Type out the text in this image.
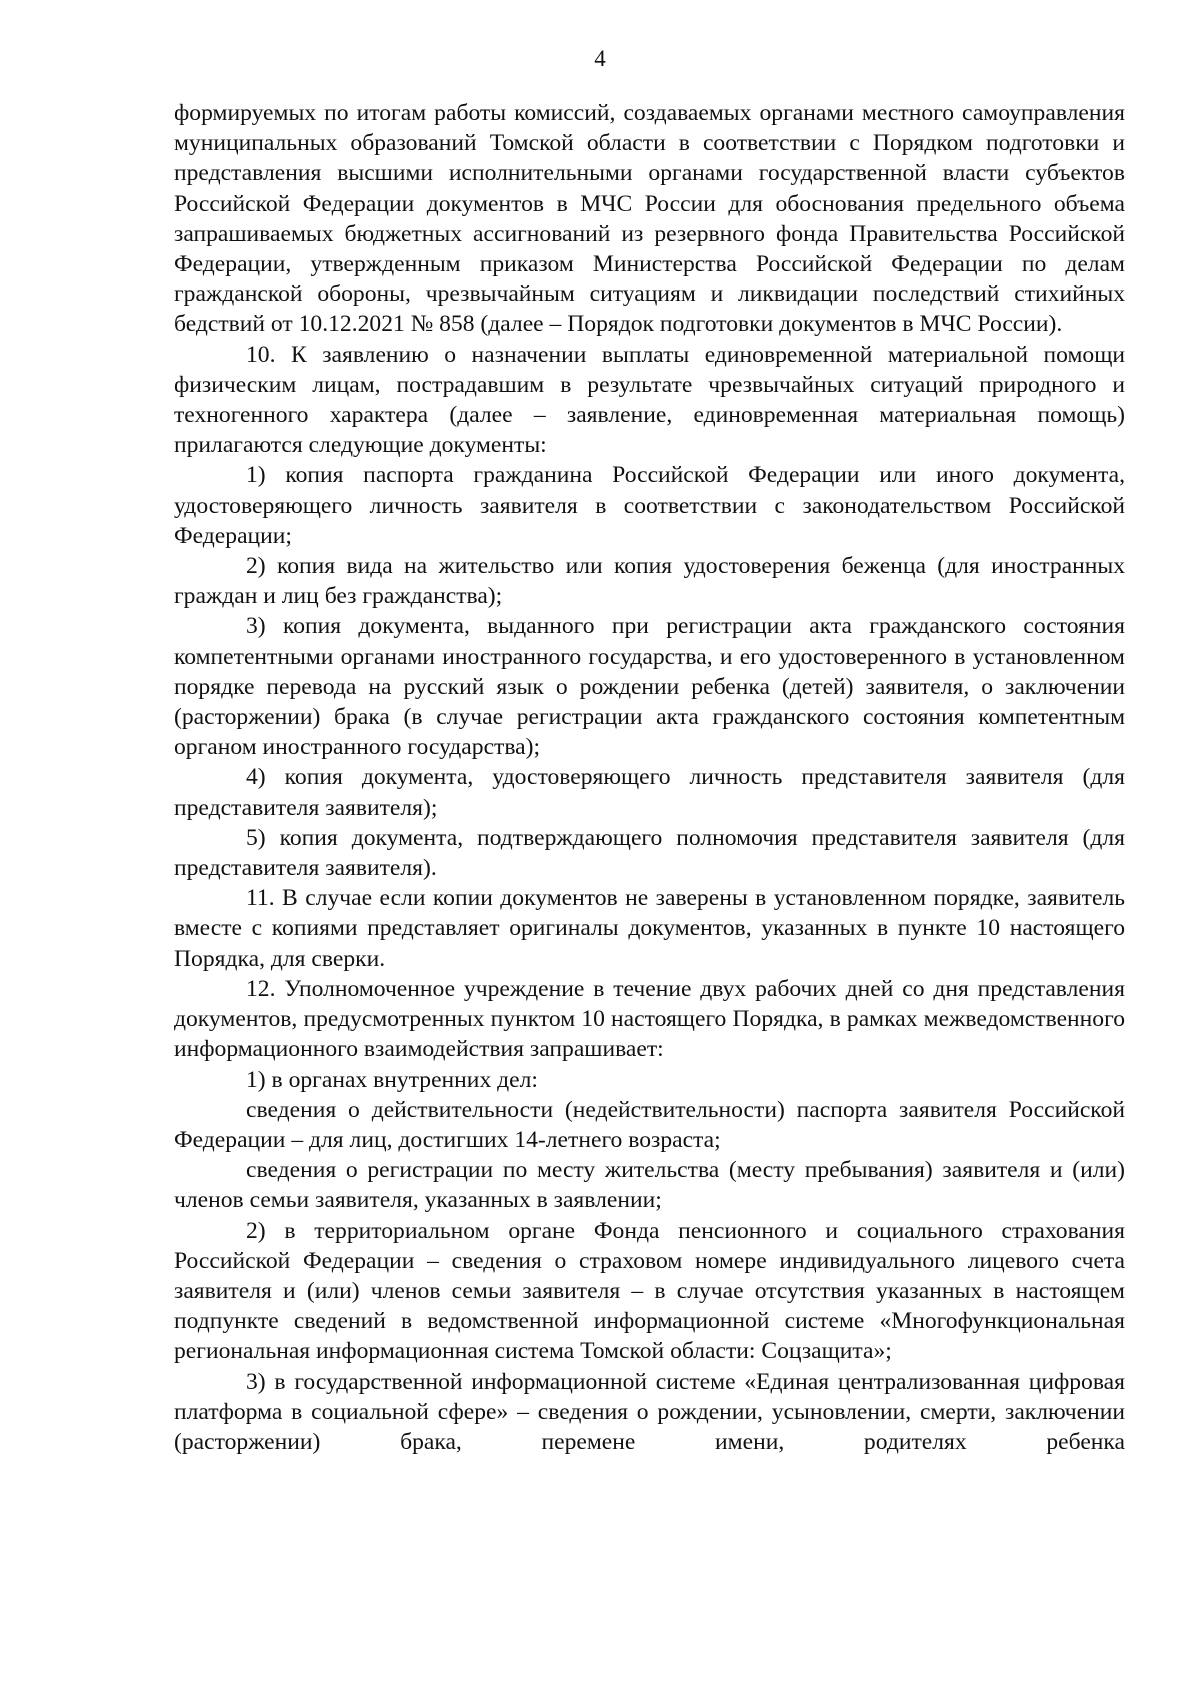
4

формируемых по итогам работы комиссий, создаваемых органами местного самоуправления муниципальных образований Томской области в соответствии с Порядком подготовки и представления высшими исполнительными органами государственной власти субъектов Российской Федерации документов в МЧС России для обоснования предельного объема запрашиваемых бюджетных ассигнований из резервного фонда Правительства Российской Федерации, утвержденным приказом Министерства Российской Федерации по делам гражданской обороны, чрезвычайным ситуациям и ликвидации последствий стихийных бедствий от 10.12.2021 № 858 (далее – Порядок подготовки документов в МЧС России).

10. К заявлению о назначении выплаты единовременной материальной помощи физическим лицам, пострадавшим в результате чрезвычайных ситуаций природного и техногенного характера (далее – заявление, единовременная материальная помощь) прилагаются следующие документы:

1) копия паспорта гражданина Российской Федерации или иного документа, удостоверяющего личность заявителя в соответствии с законодательством Российской Федерации;

2) копия вида на жительство или копия удостоверения беженца (для иностранных граждан и лиц без гражданства);

3) копия документа, выданного при регистрации акта гражданского состояния компетентными органами иностранного государства, и его удостоверенного в установленном порядке перевода на русский язык о рождении ребенка (детей) заявителя, о заключении (расторжении) брака (в случае регистрации акта гражданского состояния компетентным органом иностранного государства);

4) копия документа, удостоверяющего личность представителя заявителя (для представителя заявителя);

5) копия документа, подтверждающего полномочия представителя заявителя (для представителя заявителя).

11. В случае если копии документов не заверены в установленном порядке, заявитель вместе с копиями представляет оригиналы документов, указанных в пункте 10 настоящего Порядка, для сверки.

12. Уполномоченное учреждение в течение двух рабочих дней со дня представления документов, предусмотренных пунктом 10 настоящего Порядка, в рамках межведомственного информационного взаимодействия запрашивает:

1) в органах внутренних дел:

сведения о действительности (недействительности) паспорта заявителя Российской Федерации – для лиц, достигших 14-летнего возраста;

сведения о регистрации по месту жительства (месту пребывания) заявителя и (или) членов семьи заявителя, указанных в заявлении;

2) в территориальном органе Фонда пенсионного и социального страхования Российской Федерации – сведения о страховом номере индивидуального лицевого счета заявителя и (или) членов семьи заявителя – в случае отсутствия указанных в настоящем подпункте сведений в ведомственной информационной системе «Многофункциональная региональная информационная система Томской области: Соцзащита»;

3) в государственной информационной системе «Единая централизованная цифровая платформа в социальной сфере» – сведения о рождении, усыновлении, смерти, заключении (расторжении) брака, перемене имени, родителях ребенка
